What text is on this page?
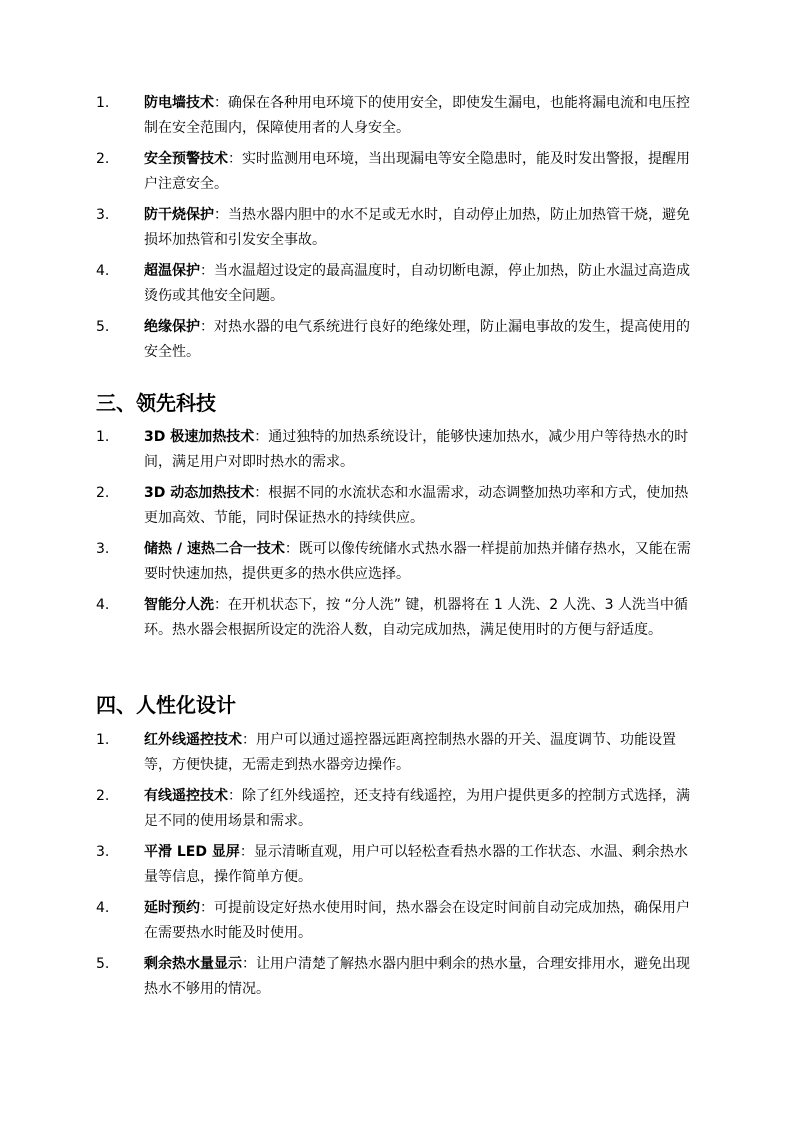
1.	防电墙技术：确保在各种用电环境下的使用安全，即使发生漏电，也能将漏电流和电压控制在安全范围内，保障使用者的人身安全。
2.	安全预警技术：实时监测用电环境，当出现漏电等安全隐患时，能及时发出警报，提醒用户注意安全。
3.	防干烧保护：当热水器内胆中的水不足或无水时，自动停止加热，防止加热管干烧，避免损坏加热管和引发安全事故。
4.	超温保护：当水温超过设定的最高温度时，自动切断电源，停止加热，防止水温过高造成烫伤或其他安全问题。
5.	绝缘保护：对热水器的电气系统进行良好的绝缘处理，防止漏电事故的发生，提高使用的安全性。
三、领先科技
1.	3D 极速加热技术：通过独特的加热系统设计，能够快速加热水，减少用户等待热水的时间，满足用户对即时热水的需求。
2.	3D 动态加热技术：根据不同的水流状态和水温需求，动态调整加热功率和方式，使加热更加高效、节能，同时保证热水的持续供应。
3.	储热 / 速热二合一技术：既可以像传统储水式热水器一样提前加热并储存热水，又能在需要时快速加热，提供更多的热水供应选择。
4.	智能分人洗：在开机状态下，按 “分人洗” 键，机器将在 1 人洗、2 人洗、3 人洗当中循环。热水器会根据所设定的洗浴人数，自动完成加热，满足使用时的方便与舒适度。
四、人性化设计
1.	红外线遥控技术：用户可以通过遥控器远距离控制热水器的开关、温度调节、功能设置等，方便快捷，无需走到热水器旁边操作。
2.	有线遥控技术：除了红外线遥控，还支持有线遥控，为用户提供更多的控制方式选择，满足不同的使用场景和需求。
3.	平滑 LED 显屏：显示清晰直观，用户可以轻松查看热水器的工作状态、水温、剩余热水量等信息，操作简单方便。
4.	延时预约：可提前设定好热水使用时间，热水器会在设定时间前自动完成加热，确保用户在需要热水时能及时使用。
5.	剩余热水量显示：让用户清楚了解热水器内胆中剩余的热水量，合理安排用水，避免出现热水不够用的情况。
